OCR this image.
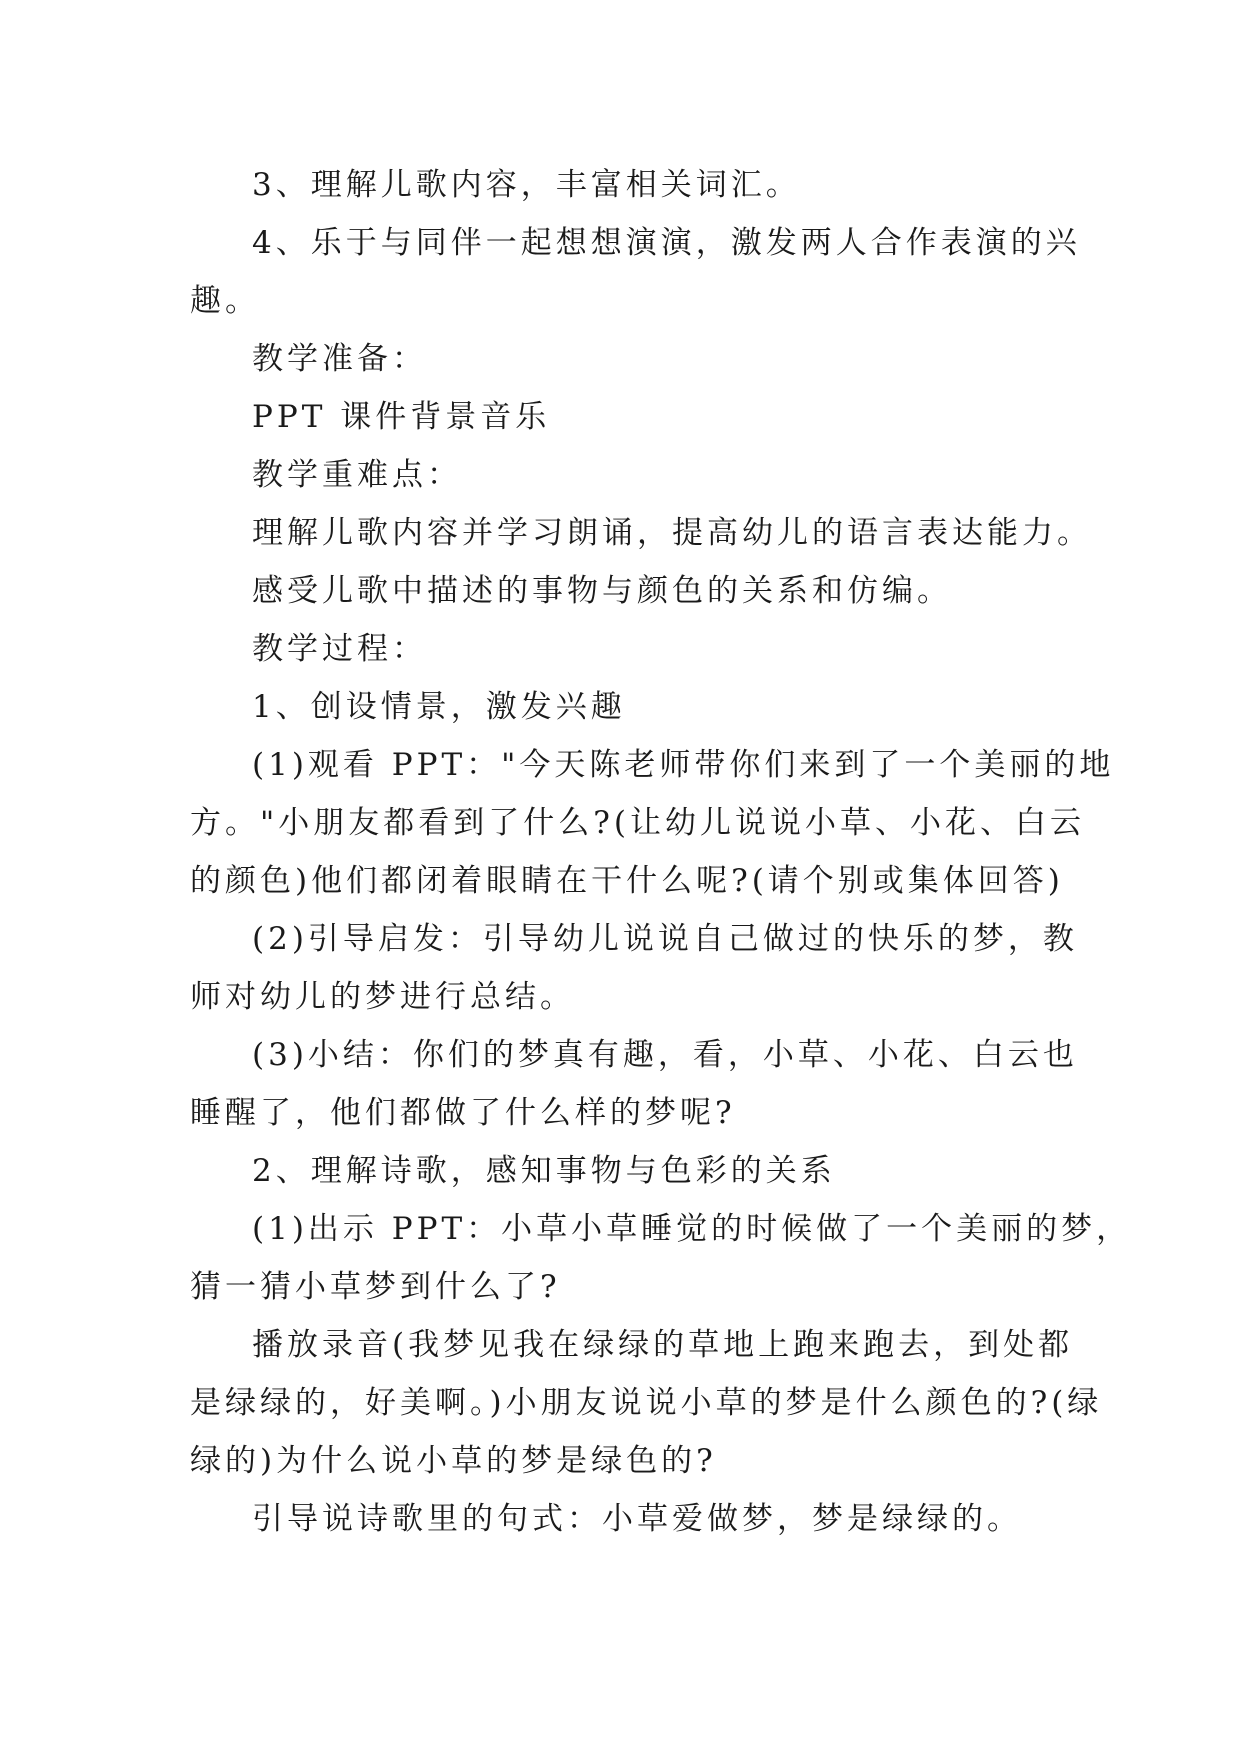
3、理解儿歌内容，丰富相关词汇。
4、乐于与同伴一起想想演演，激发两人合作表演的兴
趣。
教学准备：
PPT 课件背景音乐
教学重难点：
理解儿歌内容并学习朗诵，提高幼儿的语言表达能力。
感受儿歌中描述的事物与颜色的关系和仿编。
教学过程：
1、创设情景，激发兴趣
(1)观看 PPT："今天陈老师带你们来到了一个美丽的地
方。"小朋友都看到了什么?(让幼儿说说小草、小花、白云
的颜色)他们都闭着眼睛在干什么呢?(请个别或集体回答)
(2)引导启发：引导幼儿说说自己做过的快乐的梦，教
师对幼儿的梦进行总结。
(3)小结：你们的梦真有趣，看，小草、小花、白云也
睡醒了，他们都做了什么样的梦呢?
2、理解诗歌，感知事物与色彩的关系
(1)出示 PPT：小草小草睡觉的时候做了一个美丽的梦，
猜一猜小草梦到什么了?
播放录音(我梦见我在绿绿的草地上跑来跑去，到处都
是绿绿的，好美啊。)小朋友说说小草的梦是什么颜色的?(绿
绿的)为什么说小草的梦是绿色的?
引导说诗歌里的句式：小草爱做梦，梦是绿绿的。
